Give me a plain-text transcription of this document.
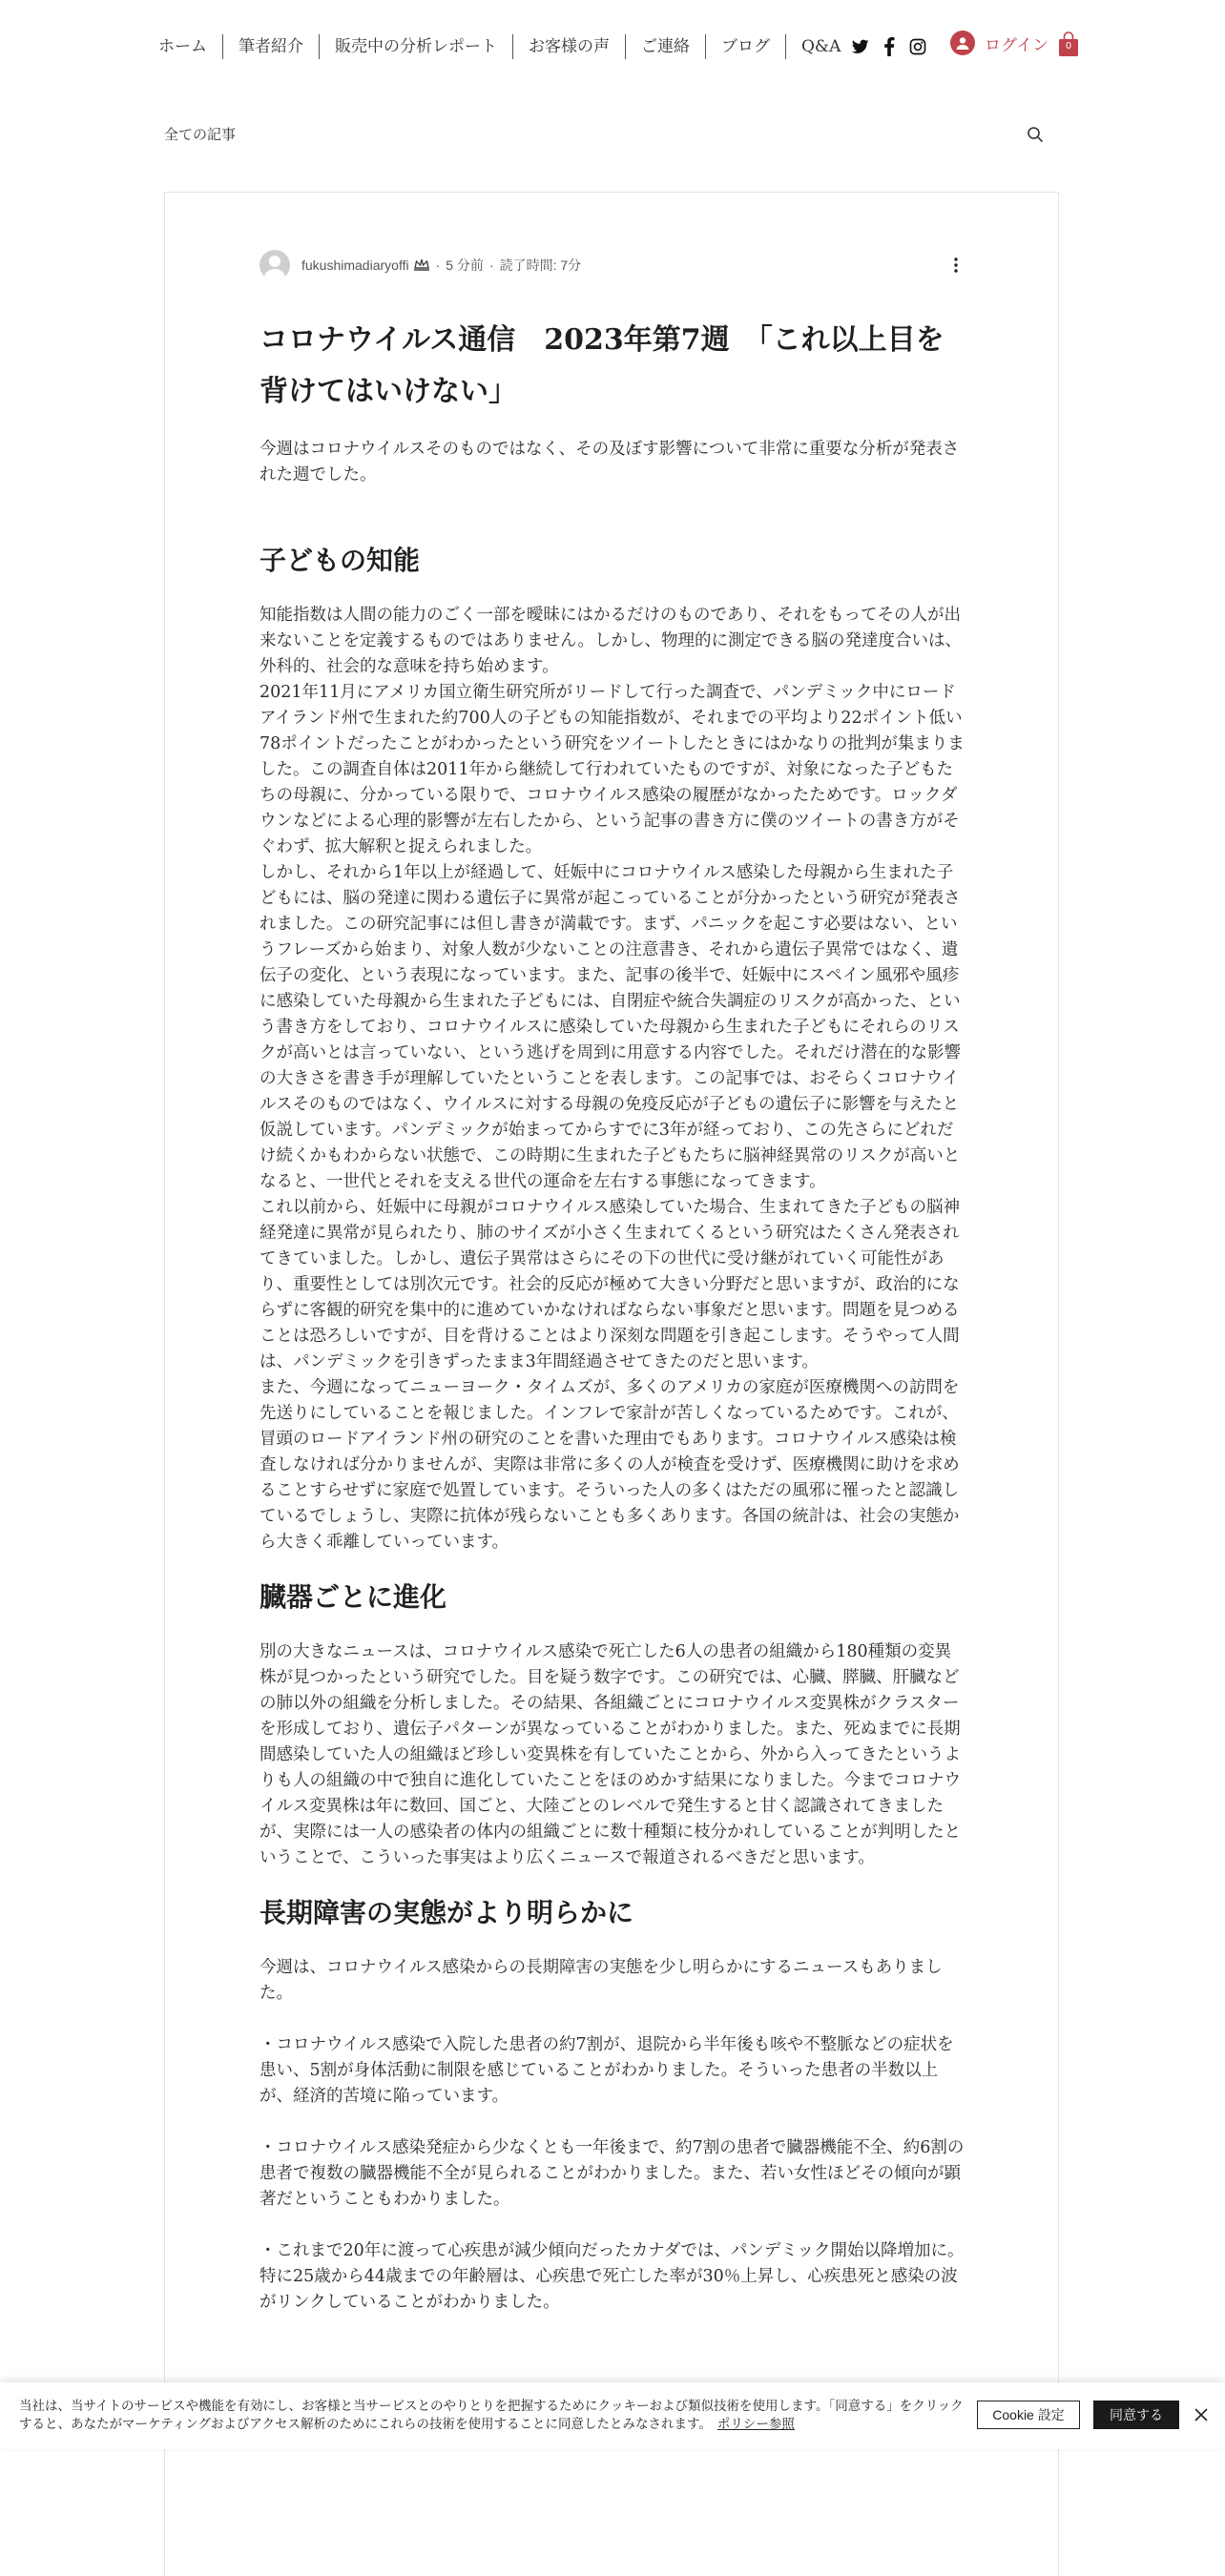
ホーム	筆者紹介	販売中の分析レポート	お客様の声	ご連絡	ブログ	Q&A	ログイン	0
全ての記事
fukushimadiaryoffi · 5 分前 · 読了時間: 7分
コロナウイルス通信　2023年第7週　「これ以上目を背けてはいけない」

今週はコロナウイルスそのものではなく、その及ぼす影響について非常に重要な分析が発表された週でした。

子どもの知能

知能指数は人間の能力のごく一部を曖昧にはかるだけのものであり、それをもってその人が出来ないことを定義するものではありません。しかし、物理的に測定できる脳の発達度合いは、外科的、社会的な意味を持ち始めます。

2021年11月にアメリカ国立衛生研究所がリードして行った調査で、パンデミック中にロードアイランド州で生まれた約700人の子どもの知能指数が、それまでの平均より22ポイント低い78ポイントだったことがわかったという研究をツイートしたときにはかなりの批判が集まりました。この調査自体は2011年から継続して行われていたものですが、対象になった子どもたちの母親に、分かっている限りで、コロナウイルス感染の履歴がなかったためです。ロックダウンなどによる心理的影響が左右したから、という記事の書き方に僕のツイートの書き方がそぐわず、拡大解釈と捉えられました。

しかし、それから1年以上が経過して、妊娠中にコロナウイルス感染した母親から生まれた子どもには、脳の発達に関わる遺伝子に異常が起こっていることが分かったという研究が発表されました。この研究記事には但し書きが満載です。まず、パニックを起こす必要はない、というフレーズから始まり、対象人数が少ないことの注意書き、それから遺伝子異常ではなく、遺伝子の変化、という表現になっています。また、記事の後半で、妊娠中にスペイン風邪や風疹に感染していた母親から生まれた子どもには、自閉症や統合失調症のリスクが高かった、という書き方をしており、コロナウイルスに感染していた母親から生まれた子どもにそれらのリスクが高いとは言っていない、という逃げを周到に用意する内容でした。それだけ潜在的な影響の大きさを書き手が理解していたということを表します。この記事では、おそらくコロナウイルスそのものではなく、ウイルスに対する母親の免疫反応が子どもの遺伝子に影響を与えたと仮説しています。パンデミックが始まってからすでに3年が経っており、この先さらにどれだけ続くかもわからない状態で、この時期に生まれた子どもたちに脳神経異常のリスクが高いとなると、一世代とそれを支える世代の運命を左右する事態になってきます。

これ以前から、妊娠中に母親がコロナウイルス感染していた場合、生まれてきた子どもの脳神経発達に異常が見られたり、肺のサイズが小さく生まれてくるという研究はたくさん発表されてきていました。しかし、遺伝子異常はさらにその下の世代に受け継がれていく可能性があり、重要性としては別次元です。社会的反応が極めて大きい分野だと思いますが、政治的にならずに客観的研究を集中的に進めていかなければならない事象だと思います。問題を見つめることは恐ろしいですが、目を背けることはより深刻な問題を引き起こします。そうやって人間は、パンデミックを引きずったまま3年間経過させてきたのだと思います。

また、今週になってニューヨーク・タイムズが、多くのアメリカの家庭が医療機関への訪問を先送りにしていることを報じました。インフレで家計が苦しくなっているためです。これが、冒頭のロードアイランド州の研究のことを書いた理由でもあります。コロナウイルス感染は検査しなければ分かりませんが、実際は非常に多くの人が検査を受けず、医療機関に助けを求めることすらせずに家庭で処置しています。そういった人の多くはただの風邪に罹ったと認識しているでしょうし、実際に抗体が残らないことも多くあります。各国の統計は、社会の実態から大きく乖離していっています。

臓器ごとに進化

別の大きなニュースは、コロナウイルス感染で死亡した6人の患者の組織から180種類の変異株が見つかったという研究でした。目を疑う数字です。この研究では、心臓、膵臓、肝臓などの肺以外の組織を分析しました。その結果、各組織ごとにコロナウイルス変異株がクラスターを形成しており、遺伝子パターンが異なっていることがわかりました。また、死ぬまでに長期間感染していた人の組織ほど珍しい変異株を有していたことから、外から入ってきたというよりも人の組織の中で独自に進化していたことをほのめかす結果になりました。今までコロナウイルス変異株は年に数回、国ごと、大陸ごとのレベルで発生すると甘く認識されてきましたが、実際には一人の感染者の体内の組織ごとに数十種類に枝分かれしていることが判明したということで、こういった事実はより広くニュースで報道されるべきだと思います。

長期障害の実態がより明らかに

今週は、コロナウイルス感染からの長期障害の実態を少し明らかにするニュースもありました。

・コロナウイルス感染で入院した患者の約7割が、退院から半年後も咳や不整脈などの症状を患い、5割が身体活動に制限を感じていることがわかりました。そういった患者の半数以上が、経済的苦境に陥っています。

・コロナウイルス感染発症から少なくとも一年後まで、約7割の患者で臓器機能不全、約6割の患者で複数の臓器機能不全が見られることがわかりました。また、若い女性ほどその傾向が顕著だということもわかりました。

・これまで20年に渡って心疾患が減少傾向だったカナダでは、パンデミック開始以降増加に。特に25歳から44歳までの年齢層は、心疾患で死亡した率が30％上昇し、心疾患死と感染の波がリンクしていることがわかりました。

当社は、当サイトのサービスや機能を有効にし、お客様と当サービスとのやりとりを把握するためにクッキーおよび類似技術を使用します。「同意する」をクリックすると、あなたがマーケティングおよびアクセス解析のためにこれらの技術を使用することに同意したとみなされます。 ポリシー参照
Cookie 設定	同意する
